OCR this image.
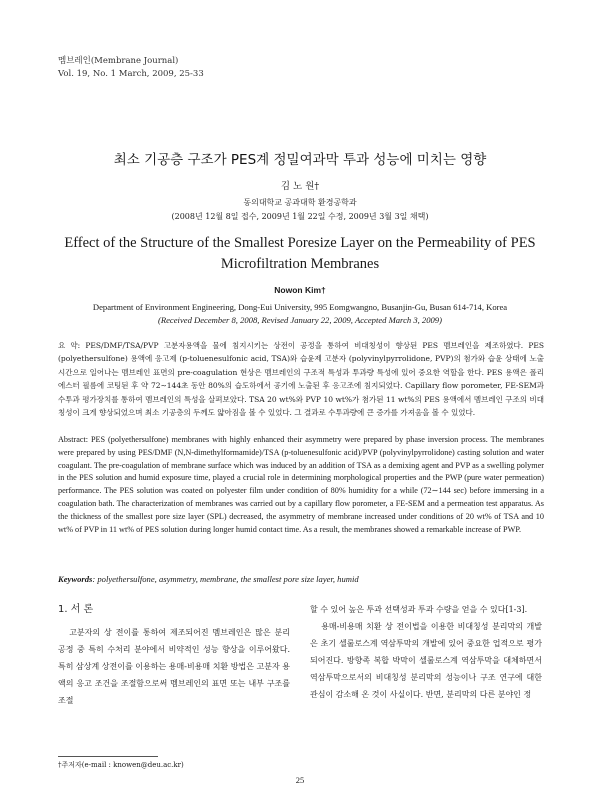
멤브레인(Membrane Journal)
Vol. 19, No. 1 March, 2009, 25-33
최소 기공층 구조가 PES계 정밀여과막 투과 성능에 미치는 영향
김 노 원†
동의대학교 공과대학 환경공학과
(2008년 12월 8일 접수, 2009년 1월 22일 수정, 2009년 3월 3일 채택)
Effect of the Structure of the Smallest Poresize Layer on the Permeability of PES
Microfiltration Membranes
Nowon Kim†
Department of Environment Engineering, Dong-Eui University, 995 Eomgwangno, Busanjin-Gu, Busan 614-714, Korea
(Received December 8, 2008, Revised January 22, 2009, Accepted March 3, 2009)
요 약: PES/DMF/TSA/PVP 고분자용액을 물에 침지시키는 상전이 공정을 통하여 비대칭성이 향상된 PES 멤브레인을 제조하였다. PES (polyethersulfone) 용액에 응고제 (p-toluenesulfonic acid, TSA)와 습윤제 고분자 (polyvinylpyrrolidone, PVP)의 첨가와 습윤 상태에 노출 시간으로 일어나는 멤브레인 표면의 pre-coagulation 현상은 멤브레인의 구조적 특성과 투과량 특성에 있어 중요한 역할을 한다. PES 용액은 폴리에스터 필름에 코팅된 후 약 72∼144초 동안 80%의 습도하에서 공기에 노출된 후 응고조에 침지되었다. Capillary flow porometer, FE-SEM과 수투과 평가장치를 통하여 멤브레인의 특성을 살펴보았다. TSA 20 wt%와 PVP 10 wt%가 첨가된 11 wt%의 PES 용액에서 멤브레인 구조의 비대칭성이 크게 향상되었으며 최소 기공층의 두께도 얇아짐을 볼 수 있었다. 그 결과로 수투과량에 큰 증가를 가져옴을 볼 수 있었다.
Abstract: PES (polyethersulfone) membranes with highly enhanced their asymmetry were prepared by phase inversion process. The membranes were prepared by using PES/DMF (N,N-dimethylformamide)/TSA (p-toluenesulfonic acid)/PVP (polyvinylpyrrolidone) casting solution and water coagulant. The pre-coagulation of membrane surface which was induced by an addition of TSA as a demixing agent and PVP as a swelling polymer in the PES solution and humid exposure time, played a crucial role in determining morphological properties and the PWP (pure water permeation) performance. The PES solution was coated on polyester film under condition of 80% humidity for a while (72∼144 sec) before immersing in a coagulation bath. The characterization of membranes was carried out by a capillary flow porometer, a FE-SEM and a permeation test apparatus. As the thickness of the smallest pore size layer (SPL) decreased, the asymmetry of membrane increased under conditions of 20 wt% of TSA and 10 wt% of PVP in 11 wt% of PES solution during longer humid contact time. As a result, the membranes showed a remarkable increase of PWP.
Keywords: polyethersulfone, asymmetry, membrane, the smallest pore size layer, humid
1. 서 론

고분자의 상 전이를 통하여 제조되어진 멤브레인은 많은 분리 공정 중 특히 수처리 분야에서 비약적인 성능 향상을 이루어왔다. 특히 삼상계 상전이를 이용하는 용매-비용매 치환 방법은 고분자 용액의 응고 조건을 조절함으로써 멤브레인의 표면 또는 내부 구조를 조절

할 수 있어 높은 투과 선택성과 투과 수량을 얻을 수 있다[1-3].

용매-비용매 치환 상 전이법을 이용한 비대칭성 분리막의 개발은 초기 셀룰로스계 역삼투막의 개발에 있어 중요한 업적으로 평가되어진다. 방향족 복합 박막이 셀룰로스계 역삼투막을 대체하면서 역삼투막으로서의 비대칭성 분리막의 성능이나 구조 연구에 대한 관심이 감소해 온 것이 사실이다. 반면, 분리막의 다른 분야인 정

†주저자(e-mail : knowen@deu.ac.kr)
25
